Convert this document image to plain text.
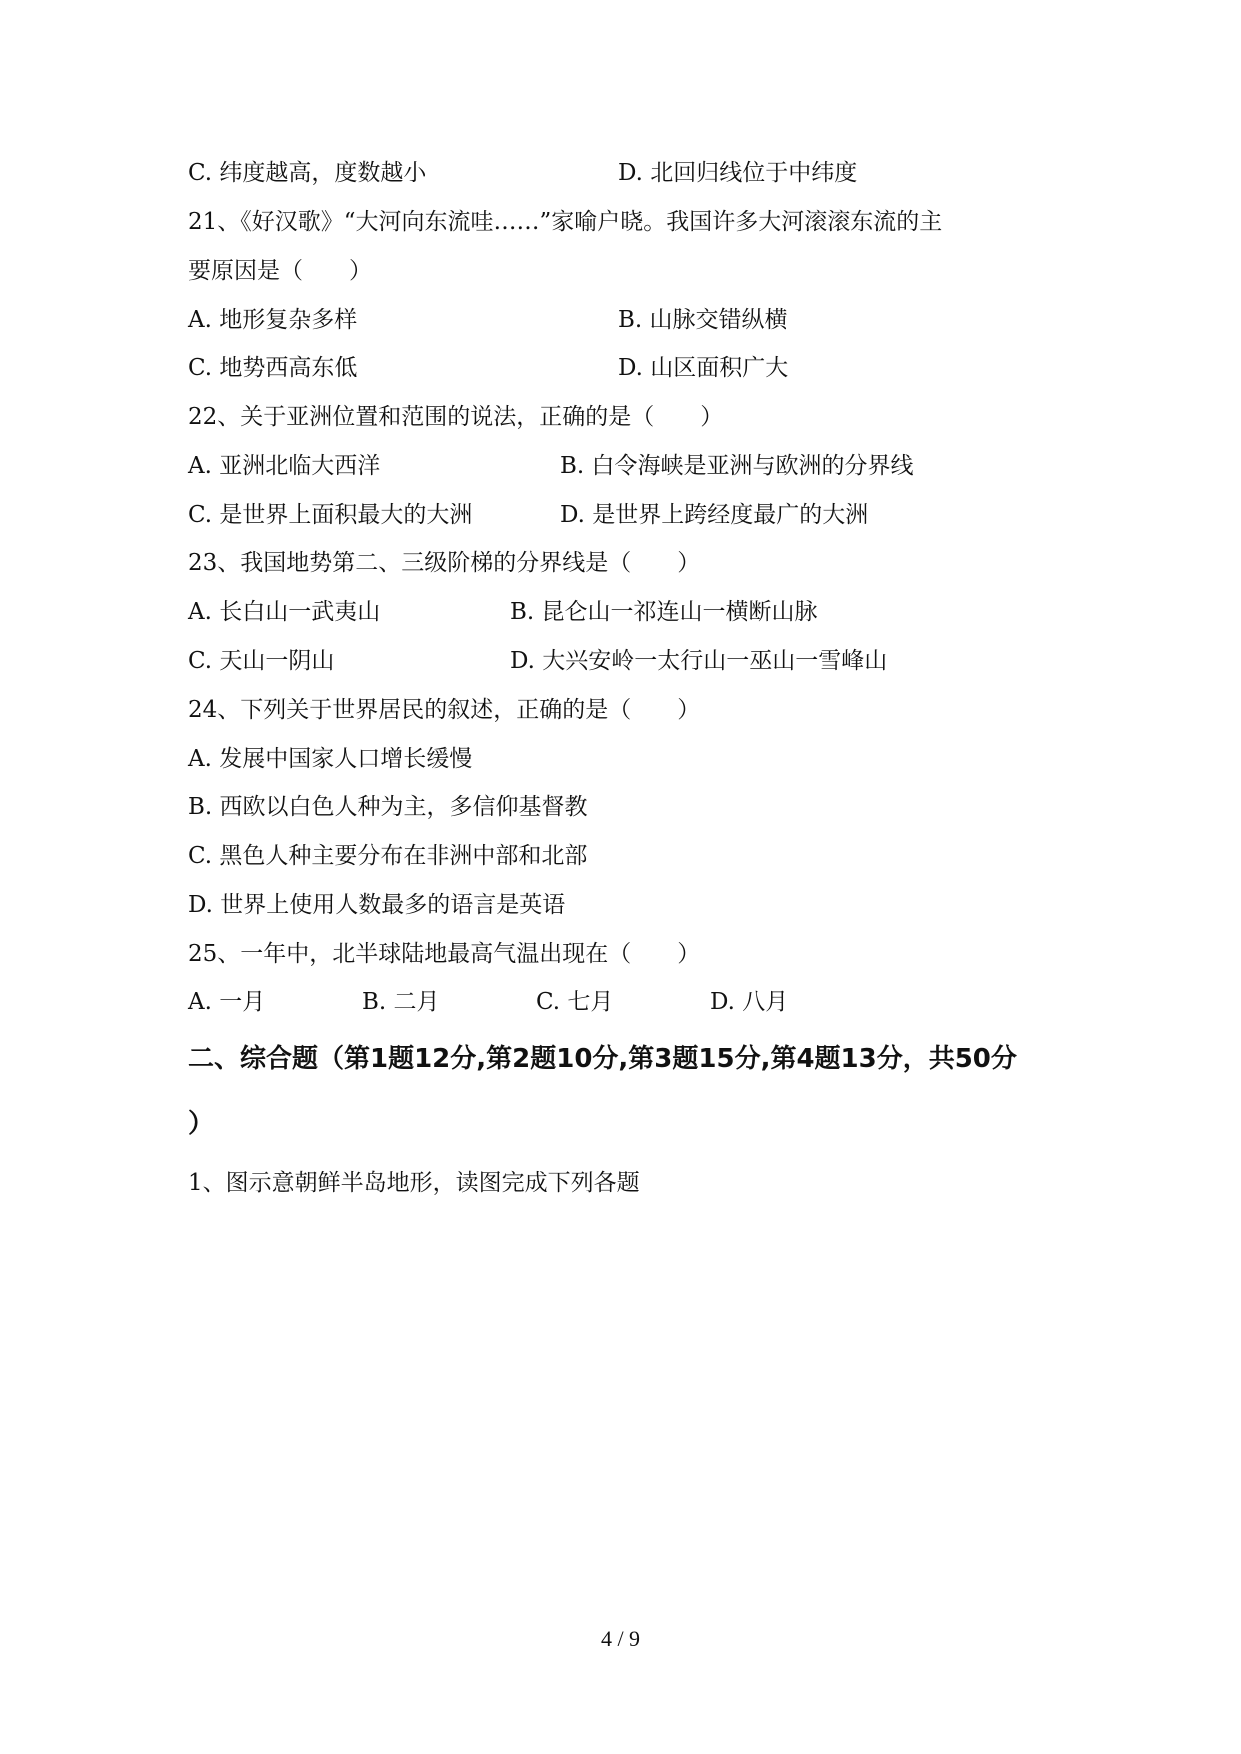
C. 纬度越高，度数越小	D. 北回归线位于中纬度
21、《好汉歌》“大河向东流哇……”家喻户晓。我国许多大河滚滚东流的主
要原因是（　　）
A. 地形复杂多样	B. 山脉交错纵横
C. 地势西高东低	D. 山区面积广大
22、关于亚洲位置和范围的说法，正确的是（　　）
A. 亚洲北临大西洋	B. 白令海峡是亚洲与欧洲的分界线
C. 是世界上面积最大的大洲	D. 是世界上跨经度最广的大洲
23、我国地势第二、三级阶梯的分界线是（　　）
A. 长白山一武夷山	B. 昆仑山一祁连山一横断山脉
C. 天山一阴山	D. 大兴安岭一太行山一巫山一雪峰山
24、下列关于世界居民的叙述，正确的是（　　）
A. 发展中国家人口增长缓慢
B. 西欧以白色人种为主，多信仰基督教
C. 黑色人种主要分布在非洲中部和北部
D. 世界上使用人数最多的语言是英语
25、一年中，北半球陆地最高气温出现在（　　）
A. 一月	B. 二月	C. 七月	D. 八月
二、综合题（第1题12分,第2题10分,第3题15分,第4题13分，共50分
）
1、图示意朝鲜半岛地形，读图完成下列各题
4 / 9
